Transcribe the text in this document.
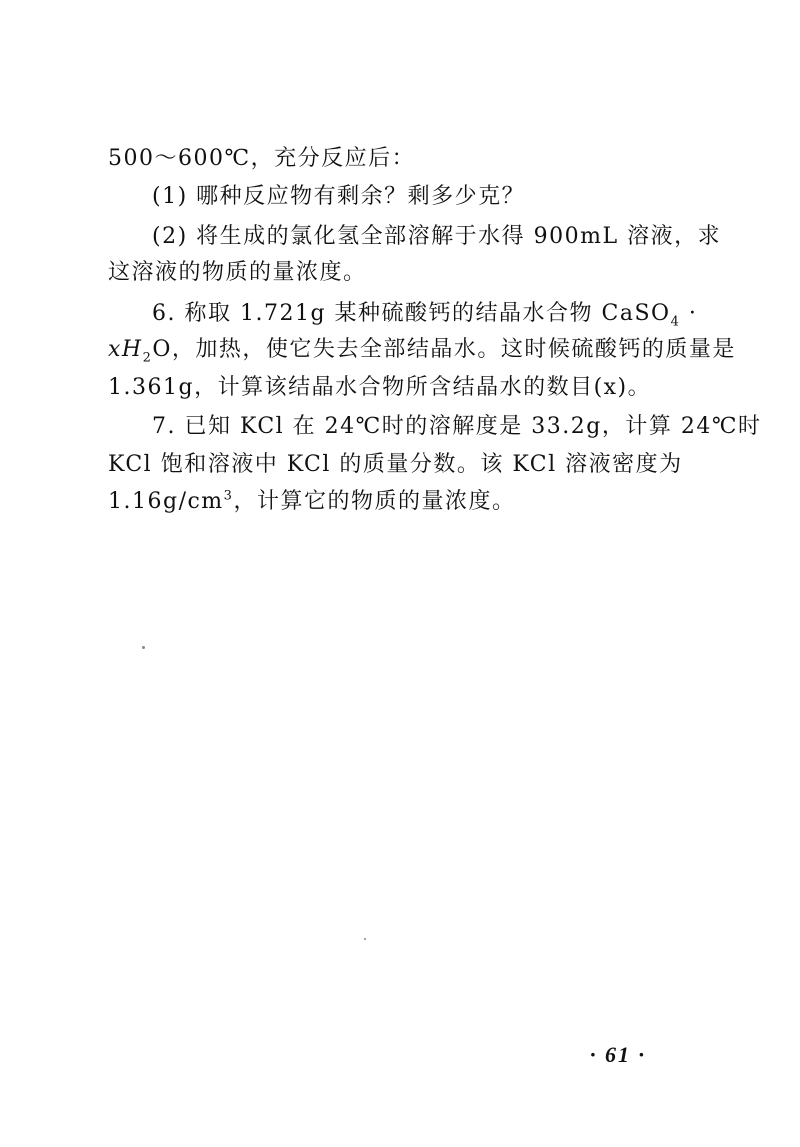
500～600℃，充分反应后：
(1) 哪种反应物有剩余？剩多少克？
(2) 将生成的氯化氢全部溶解于水得 900mL 溶液，求
这溶液的物质的量浓度。
6. 称取 1.721g 某种硫酸钙的结晶水合物 CaSO$_4$ ·
$xH_2O$，加热，使它失去全部结晶水。这时候硫酸钙的质量是
1.361g，计算该结晶水合物所含结晶水的数目(x)。
7. 已知 KCl 在 24℃时的溶解度是 33.2g，计算 24℃时
KCl 饱和溶液中 KCl 的质量分数。该 KCl 溶液密度为
$1.16g/cm^3$，计算它的物质的量浓度。
· 61 ·
